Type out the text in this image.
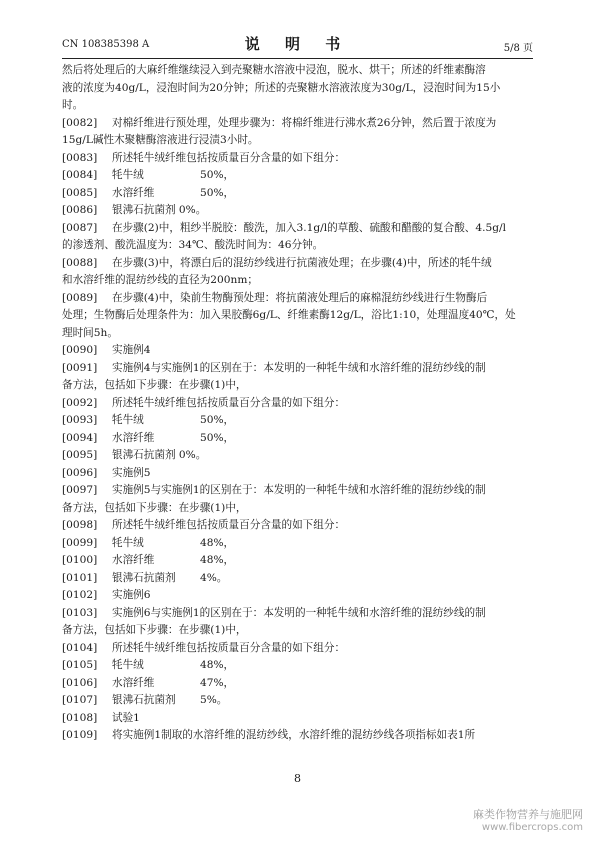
CN 108385398 A	说 明 书	5/8 页
然后将处理后的大麻纤维继续浸入到壳聚糖水溶液中浸泡，脱水、烘干；所述的纤维素酶溶
液的浓度为40g/L，浸泡时间为20分钟；所述的壳聚糖水溶液浓度为30g/L，浸泡时间为15小
时。
[0082]	对棉纤维进行预处理，处理步骤为：将棉纤维进行沸水煮26分钟，然后置于浓度为
15g/L碱性木聚糖酶溶液进行浸渍3小时。
[0083]	所述牦牛绒纤维包括按质量百分含量的如下组分：
[0084]	牦牛绒	50%，
[0085]	水溶纤维	50%，
[0086]	银沸石抗菌剂 0%。
[0087]	在步骤(2)中，粗纱半脱胶：酸洗，加入3.1g/l的草酸、硫酸和醋酸的复合酸、4.5g/l
的渗透剂、酸洗温度为：34℃、酸洗时间为：46分钟。
[0088]	在步骤(3)中，将漂白后的混纺纱线进行抗菌液处理；在步骤(4)中，所述的牦牛绒
和水溶纤维的混纺纱线的直径为200nm；
[0089]	在步骤(4)中，染前生物酶预处理：将抗菌液处理后的麻棉混纺纱线进行生物酶后
处理；生物酶后处理条件为：加入果胶酶6g/L、纤维素酶12g/L，浴比1:10，处理温度40℃，处
理时间5h。
[0090]	实施例4
[0091]	实施例4与实施例1的区别在于：本发明的一种牦牛绒和水溶纤维的混纺纱线的制
备方法，包括如下步骤：在步骤(1)中，
[0092]	所述牦牛绒纤维包括按质量百分含量的如下组分：
[0093]	牦牛绒	50%，
[0094]	水溶纤维	50%，
[0095]	银沸石抗菌剂 0%。
[0096]	实施例5
[0097]	实施例5与实施例1的区别在于：本发明的一种牦牛绒和水溶纤维的混纺纱线的制
备方法，包括如下步骤：在步骤(1)中，
[0098]	所述牦牛绒纤维包括按质量百分含量的如下组分：
[0099]	牦牛绒	48%，
[0100]	水溶纤维	48%，
[0101]	银沸石抗菌剂	4%。
[0102]	实施例6
[0103]	实施例6与实施例1的区别在于：本发明的一种牦牛绒和水溶纤维的混纺纱线的制
备方法，包括如下步骤：在步骤(1)中，
[0104]	所述牦牛绒纤维包括按质量百分含量的如下组分：
[0105]	牦牛绒	48%，
[0106]	水溶纤维	47%，
[0107]	银沸石抗菌剂	5%。
[0108]	试验1
[0109]	将实施例1制取的水溶纤维的混纺纱线，水溶纤维的混纺纱线各项指标如表1所
8
麻类作物营养与施肥网
www.fibercrops.com
